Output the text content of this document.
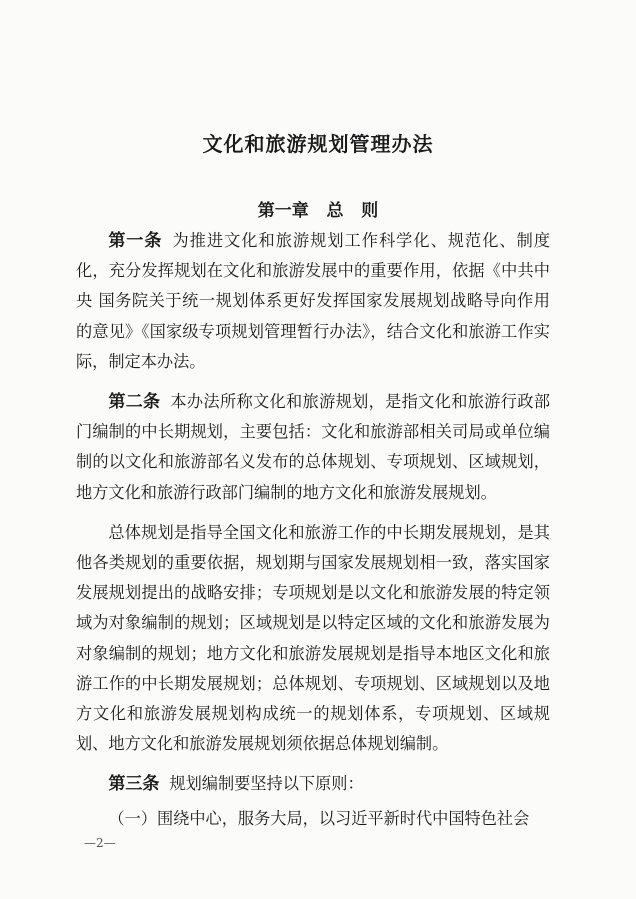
文化和旅游规划管理办法
第一章   总   则

第一条 为推进文化和旅游规划工作科学化、规范化、制度化，充分发挥规划在文化和旅游发展中的重要作用，依据《中共中央 国务院关于统一规划体系更好发挥国家发展规划战略导向作用的意见》《国家级专项规划管理暂行办法》，结合文化和旅游工作实际，制定本办法。

第二条 本办法所称文化和旅游规划，是指文化和旅游行政部门编制的中长期规划，主要包括：文化和旅游部相关司局或单位编制的以文化和旅游部名义发布的总体规划、专项规划、区域规划，地方文化和旅游行政部门编制的地方文化和旅游发展规划。

总体规划是指导全国文化和旅游工作的中长期发展规划，是其他各类规划的重要依据，规划期与国家发展规划相一致，落实国家发展规划提出的战略安排；专项规划是以文化和旅游发展的特定领域为对象编制的规划；区域规划是以特定区域的文化和旅游发展为对象编制的规划；地方文化和旅游发展规划是指导本地区文化和旅游工作的中长期发展规划；总体规划、专项规划、区域规划以及地方文化和旅游发展规划构成统一的规划体系，专项规划、区域规划、地方文化和旅游发展规划须依据总体规划编制。

第三条 规划编制要坚持以下原则：

（一）围绕中心，服务大局，以习近平新时代中国特色社会

—2—
